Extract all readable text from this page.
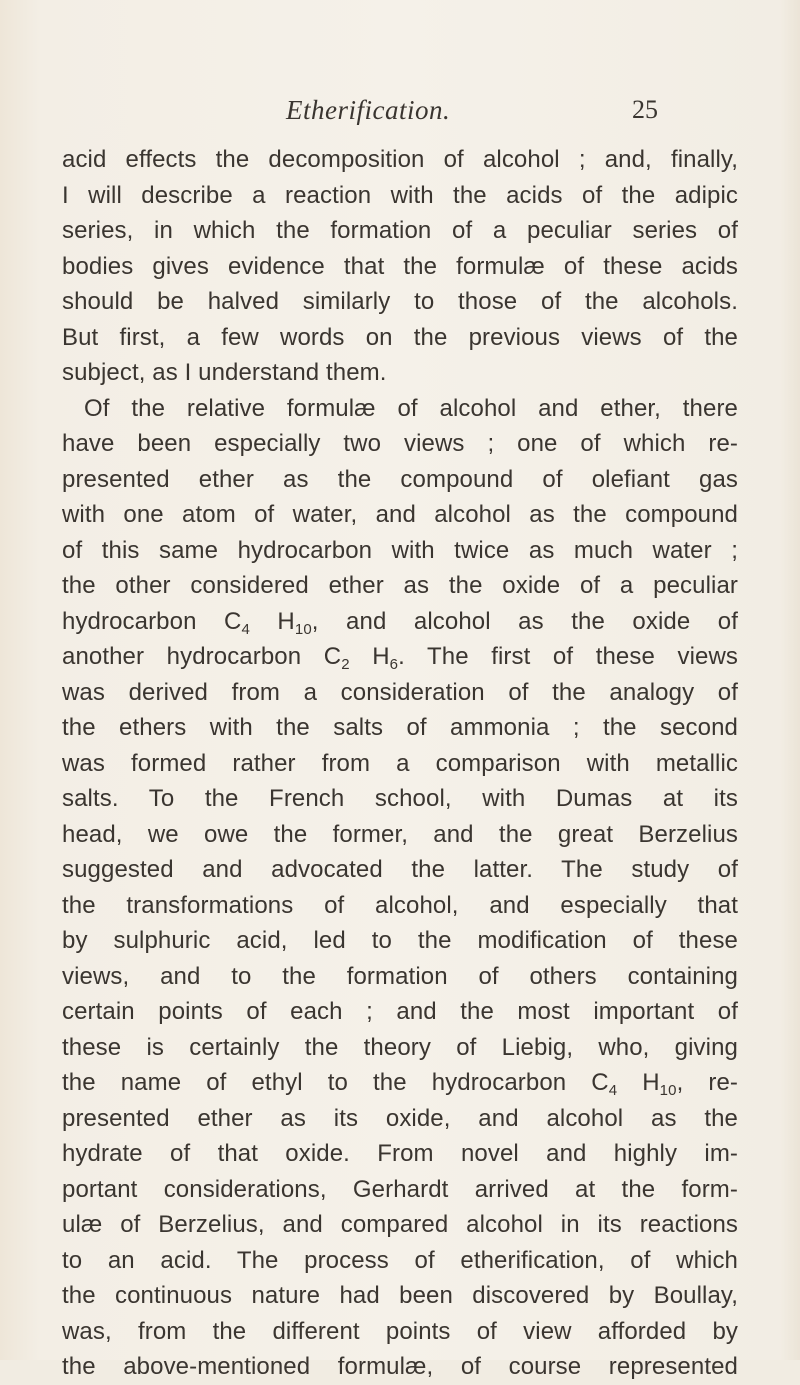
Etherification.	25
acid effects the decomposition of alcohol ; and, finally,
I will describe a reaction with the acids of the adipic
series, in which the formation of a peculiar series of
bodies gives evidence that the formulæ of these acids
should be halved similarly to those of the alcohols.
But first, a few words on the previous views of the
subject, as I understand them.
Of the relative formulæ of alcohol and ether, there
have been especially two views ; one of which re-
presented ether as the compound of olefiant gas
with one atom of water, and alcohol as the compound
of this same hydrocarbon with twice as much water ;
the other considered ether as the oxide of a peculiar
hydrocarbon $C_4$ $H_{10}$, and alcohol as the oxide of
another hydrocarbon $C_2$ $H_6$. The first of these views
was derived from a consideration of the analogy of
the ethers with the salts of ammonia ; the second
was formed rather from a comparison with metallic
salts. To the French school, with Dumas at its
head, we owe the former, and the great Berzelius
suggested and advocated the latter. The study of
the transformations of alcohol, and especially that
by sulphuric acid, led to the modification of these
views, and to the formation of others containing
certain points of each ; and the most important of
these is certainly the theory of Liebig, who, giving
the name of ethyl to the hydrocarbon $C_4$ $H_{10}$, re-
presented ether as its oxide, and alcohol as the
hydrate of that oxide. From novel and highly im-
portant considerations, Gerhardt arrived at the form-
ulæ of Berzelius, and compared alcohol in its reactions
to an acid. The process of etherification, of which
the continuous nature had been discovered by Boullay,
was, from the different points of view afforded by
the above-mentioned formulæ, of course represented
